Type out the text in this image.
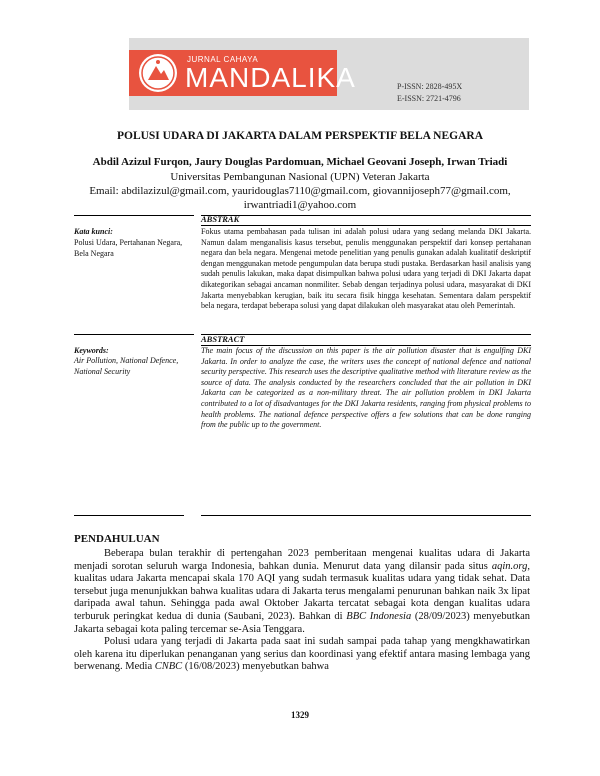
JURNAL CAHAYA
MANDALIKA	P-ISSN: 2828-495X
E-ISSN: 2721-4796
POLUSI UDARA DI JAKARTA DALAM PERSPEKTIF BELA NEGARA
Abdil Azizul Furqon, Jaury Douglas Pardomuan, Michael Geovani Joseph, Irwan Triadi
Universitas Pembangunan Nasional (UPN) Veteran Jakarta
Email: abdilazizul@gmail.com, yauridouglas7110@gmail.com, giovannijoseph77@gmail.com,
irwantriadi1@yahoo.com
ABSTRAK
Kata kunci:
Polusi Udara, Pertahanan Negara, Bela Negara
Fokus utama pembahasan pada tulisan ini adalah polusi udara yang sedang melanda DKI Jakarta. Namun dalam menganalisis kasus tersebut, penulis menggunakan perspektif dari konsep pertahanan negara dan bela negara. Mengenai metode penelitian yang penulis gunakan adalah kualitatif deskriptif dengan menggunakan metode pengumpulan data berupa studi pustaka. Berdasarkan hasil analisis yang sudah penulis lakukan, maka dapat disimpulkan bahwa polusi udara yang terjadi di DKI Jakarta dapat dikategorikan sebagai ancaman nonmiliter. Sebab dengan terjadinya polusi udara, masyarakat di DKI Jakarta menyebabkan kerugian, baik itu secara fisik hingga kesehatan. Sementara dalam perspektif bela negara, terdapat beberapa solusi yang dapat dilakukan oleh masyarakat atau oleh Pemerintah.
ABSTRACT
Keywords:
Air Pollution, National Defence, National Security
The main focus of the discussion on this paper is the air pollution disaster that is engulfing DKI Jakarta. In order to analyze the case, the writers uses the concept of national defence and national security perspective. This research uses the descriptive qualitative method with literature review as the source of data. The analysis conducted by the researchers concluded that the air pollution in DKI Jakarta can be categorized as a non-military threat. The air pollution problem in DKI Jakarta contributed to a lot of disadvantages for the DKI Jakarta residents, ranging from physical problems to health problems. The national defence perspective offers a few solutions that can be done ranging from the public up to the government.
PENDAHULUAN

Beberapa bulan terakhir di pertengahan 2023 pemberitaan mengenai kualitas udara di Jakarta menjadi sorotan seluruh warga Indonesia, bahkan dunia. Menurut data yang dilansir pada situs aqin.org, kualitas udara Jakarta mencapai skala 170 AQI yang sudah termasuk kualitas udara yang tidak sehat. Data tersebut juga menunjukkan bahwa kualitas udara di Jakarta terus mengalami penurunan bahkan naik 3x lipat daripada awal tahun. Sehingga pada awal Oktober Jakarta tercatat sebagai kota dengan kualitas udara terburuk peringkat kedua di dunia (Saubani, 2023). Bahkan di BBC Indonesia (28/09/2023) menyebutkan Jakarta sebagai kota paling tercemar se-Asia Tenggara.

Polusi udara yang terjadi di Jakarta pada saat ini sudah sampai pada tahap yang mengkhawatirkan oleh karena itu diperlukan penanganan yang serius dan koordinasi yang efektif antara masing lembaga yang berwenang. Media CNBC (16/08/2023) menyebutkan bahwa

1329
